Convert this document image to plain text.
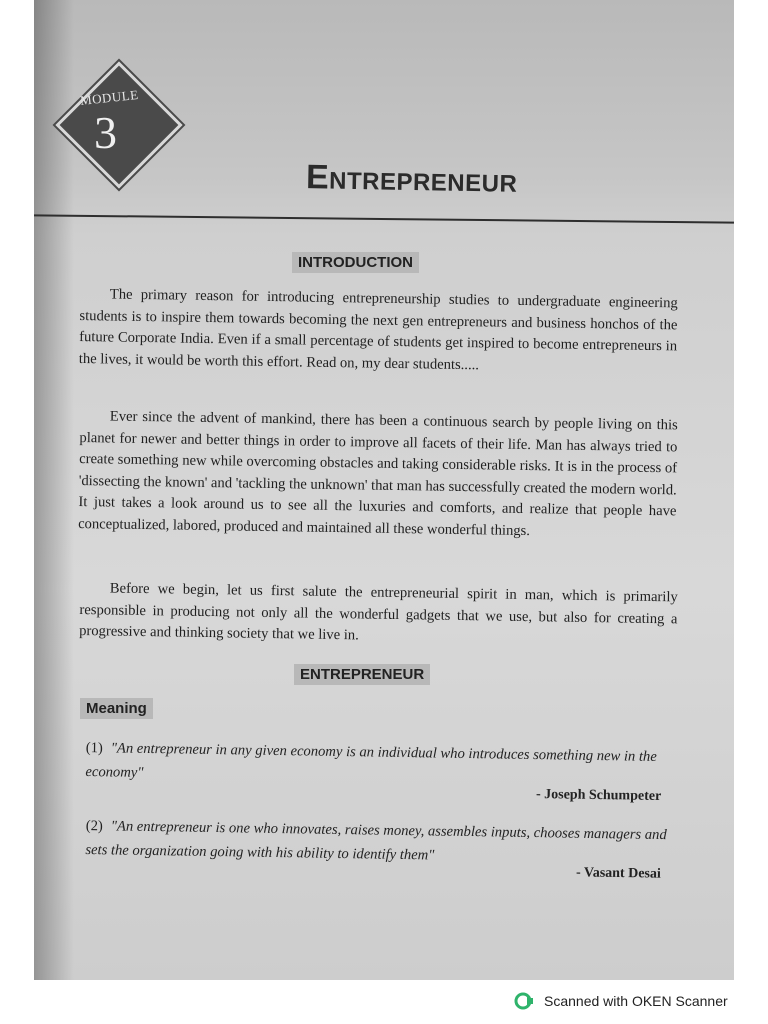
MODULE
3
Entrepreneur
INTRODUCTION
The primary reason for introducing entrepreneurship studies to undergraduate engineering students is to inspire them towards becoming the next gen entrepreneurs and business honchos of the future Corporate India. Even if a small percentage of students get inspired to become entrepreneurs in the lives, it would be worth this effort. Read on, my dear students.....
Ever since the advent of mankind, there has been a continuous search by people living on this planet for newer and better things in order to improve all facets of their life. Man has always tried to create something new while overcoming obstacles and taking considerable risks. It is in the process of 'dissecting the known' and 'tackling the unknown' that man has successfully created the modern world. It just takes a look around us to see all the luxuries and comforts, and realize that people have conceptualized, labored, produced and maintained all these wonderful things.
Before we begin, let us first salute the entrepreneurial spirit in man, which is primarily responsible in producing not only all the wonderful gadgets that we use, but also for creating a progressive and thinking society that we live in.
ENTREPRENEUR
Meaning
(1) "An entrepreneur in any given economy is an individual who introduces something new in the economy"
- Joseph Schumpeter
(2) "An entrepreneur is one who innovates, raises money, assembles inputs, chooses managers and sets the organization going with his ability to identify them"
- Vasant Desai
Scanned with OKEN Scanner
